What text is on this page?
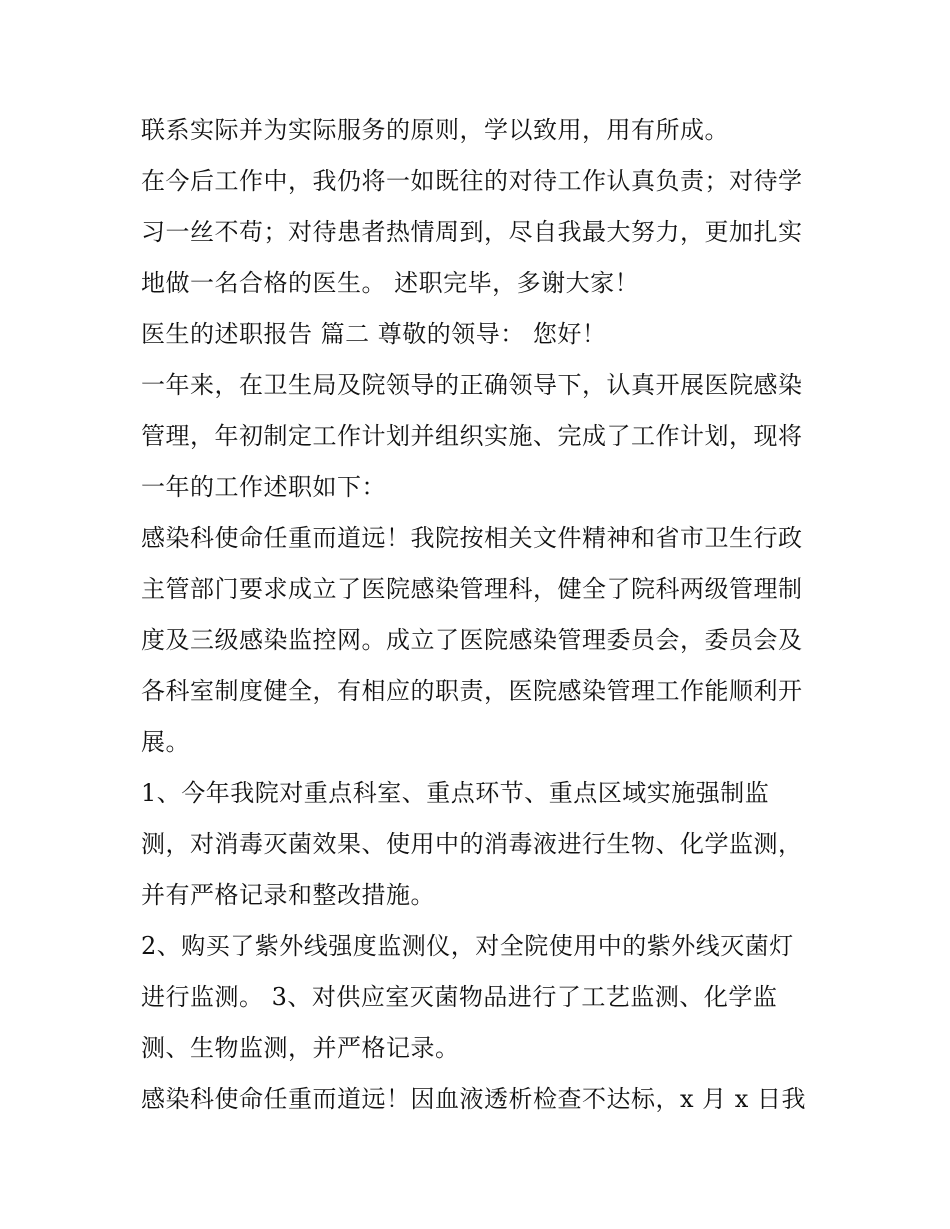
联系实际并为实际服务的原则，学以致用，用有所成。
在今后工作中，我仍将一如既往的对待工作认真负责；对待学
习一丝不苟；对待患者热情周到，尽自我最大努力，更加扎实
地做一名合格的医生。 述职完毕，多谢大家！
医生的述职报告 篇二 尊敬的领导： 您好！
一年来，在卫生局及院领导的正确领导下，认真开展医院感染
管理，年初制定工作计划并组织实施、完成了工作计划，现将
一年的工作述职如下：
感染科使命任重而道远！我院按相关文件精神和省市卫生行政
主管部门要求成立了医院感染管理科，健全了院科两级管理制
度及三级感染监控网。成立了医院感染管理委员会，委员会及
各科室制度健全，有相应的职责，医院感染管理工作能顺利开
展。
1、今年我院对重点科室、重点环节、重点区域实施强制监
测，对消毒灭菌效果、使用中的消毒液进行生物、化学监测，
并有严格记录和整改措施。
2、购买了紫外线强度监测仪，对全院使用中的紫外线灭菌灯
进行监测。 3、对供应室灭菌物品进行了工艺监测、化学监
测、生物监测，并严格记录。
感染科使命任重而道远！因血液透析检查不达标，x 月 x 日我
